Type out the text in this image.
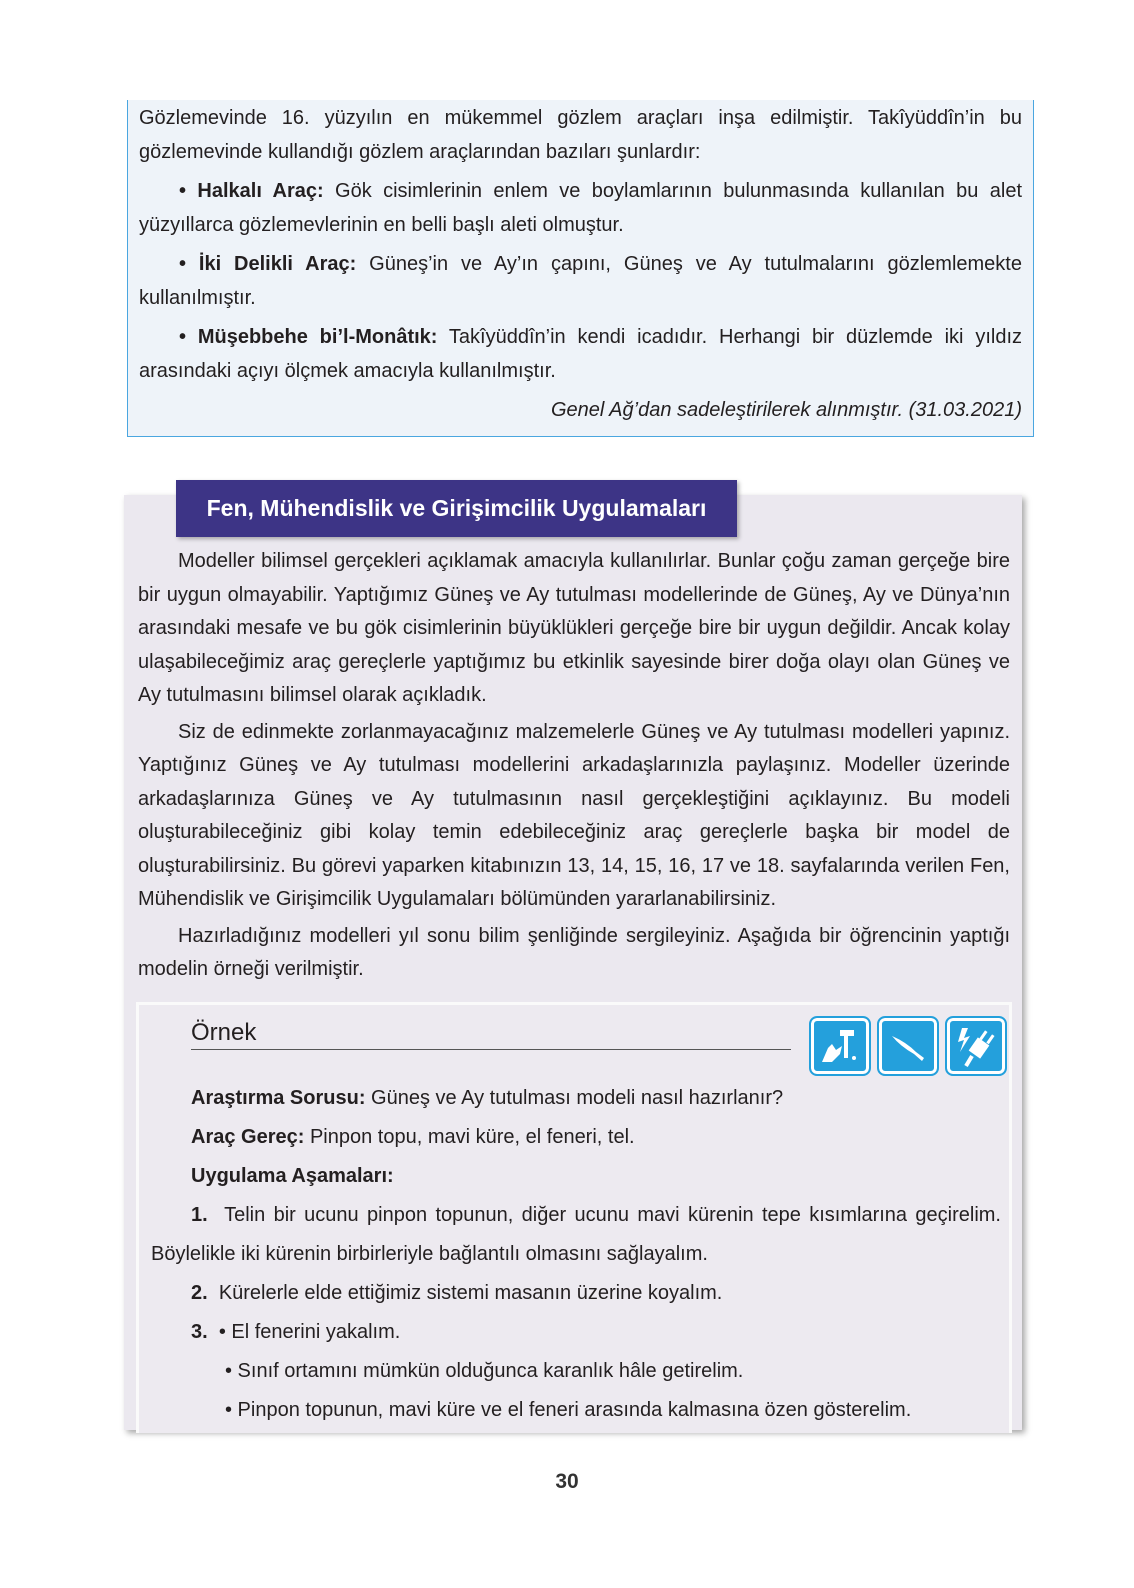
Gözlemevinde 16. yüzyılın en mükemmel gözlem araçları inşa edilmiştir. Takîyüddîn’in bu gözlemevinde kullandığı gözlem araçlarından bazıları şunlardır:

• Halkalı Araç: Gök cisimlerinin enlem ve boylamlarının bulunmasında kullanılan bu alet yüzyıllarca gözlemevlerinin en belli başlı aleti olmuştur.

• İki Delikli Araç: Güneş’in ve Ay’ın çapını, Güneş ve Ay tutulmalarını gözlemlemekte kullanılmıştır.

• Müşebbehe bi’l-Monâtık: Takîyüddîn’in kendi icadıdır. Herhangi bir düzlemde iki yıldız arasındaki açıyı ölçmek amacıyla kullanılmıştır.

Genel Ağ’dan sadeleştirilerek alınmıştır. (31.03.2021)

Fen, Mühendislik ve Girişimcilik Uygulamaları

Modeller bilimsel gerçekleri açıklamak amacıyla kullanılırlar. Bunlar çoğu zaman gerçeğe bire bir uygun olmayabilir. Yaptığımız Güneş ve Ay tutulması modellerinde de Güneş, Ay ve Dünya’nın arasındaki mesafe ve bu gök cisimlerinin büyüklükleri gerçeğe bire bir uygun değildir. Ancak kolay ulaşabileceğimiz araç gereçlerle yaptığımız bu etkinlik sayesinde birer doğa olayı olan Güneş ve Ay tutulmasını bilimsel olarak açıkladık.

Siz de edinmekte zorlanmayacağınız malzemelerle Güneş ve Ay tutulması modelleri yapınız. Yaptığınız Güneş ve Ay tutulması modellerini arkadaşlarınızla paylaşınız. Modeller üzerinde arkadaşlarınıza Güneş ve Ay tutulmasının nasıl gerçekleştiğini açıklayınız. Bu modeli oluşturabileceğiniz gibi kolay temin edebileceğiniz araç gereçlerle başka bir model de oluşturabilirsiniz. Bu görevi yaparken kitabınızın 13, 14, 15, 16, 17 ve 18. sayfalarında verilen Fen, Mühendislik ve Girişimcilik Uygulamaları bölümünden yararlanabilirsiniz.

Hazırladığınız modelleri yıl sonu bilim şenliğinde sergileyiniz. Aşağıda bir öğrencinin yaptığı modelin örneği verilmiştir.

Örnek

Araştırma Sorusu: Güneş ve Ay tutulması modeli nasıl hazırlanır?

Araç Gereç: Pinpon topu, mavi küre, el feneri, tel.

Uygulama Aşamaları:

1. Telin bir ucunu pinpon topunun, diğer ucunu mavi kürenin tepe kısımlarına geçirelim. Böylelikle iki kürenin birbirleriyle bağlantılı olmasını sağlayalım.

2. Kürelerle elde ettiğimiz sistemi masanın üzerine koyalım.

3. • El fenerini yakalım.

• Sınıf ortamını mümkün olduğunca karanlık hâle getirelim.

• Pinpon topunun, mavi küre ve el feneri arasında kalmasına özen gösterelim.

30
